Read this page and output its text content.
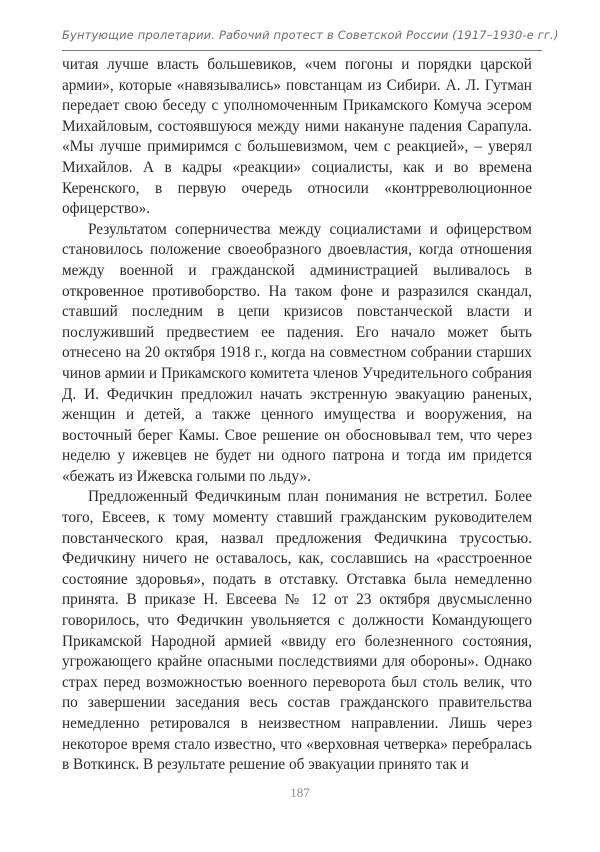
Бунтующие пролетарии. Рабочий протест в Советской России (1917–1930-е гг.)

читая лучше власть большевиков, «чем погоны и порядки царской армии», которые «навязывались» повстанцам из Сибири. А. Л. Гутман передает свою беседу с уполномоченным Прикамского Комуча эсером Михайловым, состоявшуюся между ними накануне падения Сарапула. «Мы лучше примиримся с большевизмом, чем с реакцией», – уверял Михайлов. А в кадры «реакции» социалисты, как и во времена Керенского, в первую очередь относили «контрреволюционное офицерство».

Результатом соперничества между социалистами и офицерством становилось положение своеобразного двоевластия, когда отношения между военной и гражданской администрацией выливалось в откровенное противоборство. На таком фоне и разразился скандал, ставший последним в цепи кризисов повстанческой власти и послуживший предвестием ее падения. Его начало может быть отнесено на 20 октября 1918 г., когда на совместном собрании старших чинов армии и Прикамского комитета членов Учредительного собрания Д. И. Федичкин предложил начать экстренную эвакуацию раненых, женщин и детей, а также ценного имущества и вооружения, на восточный берег Камы. Свое решение он обосновывал тем, что через неделю у ижевцев не будет ни одного патрона и тогда им придется «бежать из Ижевска голыми по льду».

Предложенный Федичкиным план понимания не встретил. Более того, Евсеев, к тому моменту ставший гражданским руководителем повстанческого края, назвал предложения Федичкина трусостью. Федичкину ничего не оставалось, как, сославшись на «расстроенное состояние здоровья», подать в отставку. Отставка была немедленно принята. В приказе Н. Евсеева № 12 от 23 октября двусмысленно говорилось, что Федичкин увольняется с должности Командующего Прикамской Народной армией «ввиду его болезненного состояния, угрожающего крайне опасными последствиями для обороны». Однако страх перед возможностью военного переворота был столь велик, что по завершении заседания весь состав гражданского правительства немедленно ретировался в неизвестном направлении. Лишь через некоторое время стало известно, что «верховная четверка» перебралась в Воткинск. В результате решение об эвакуации принято так и

187
